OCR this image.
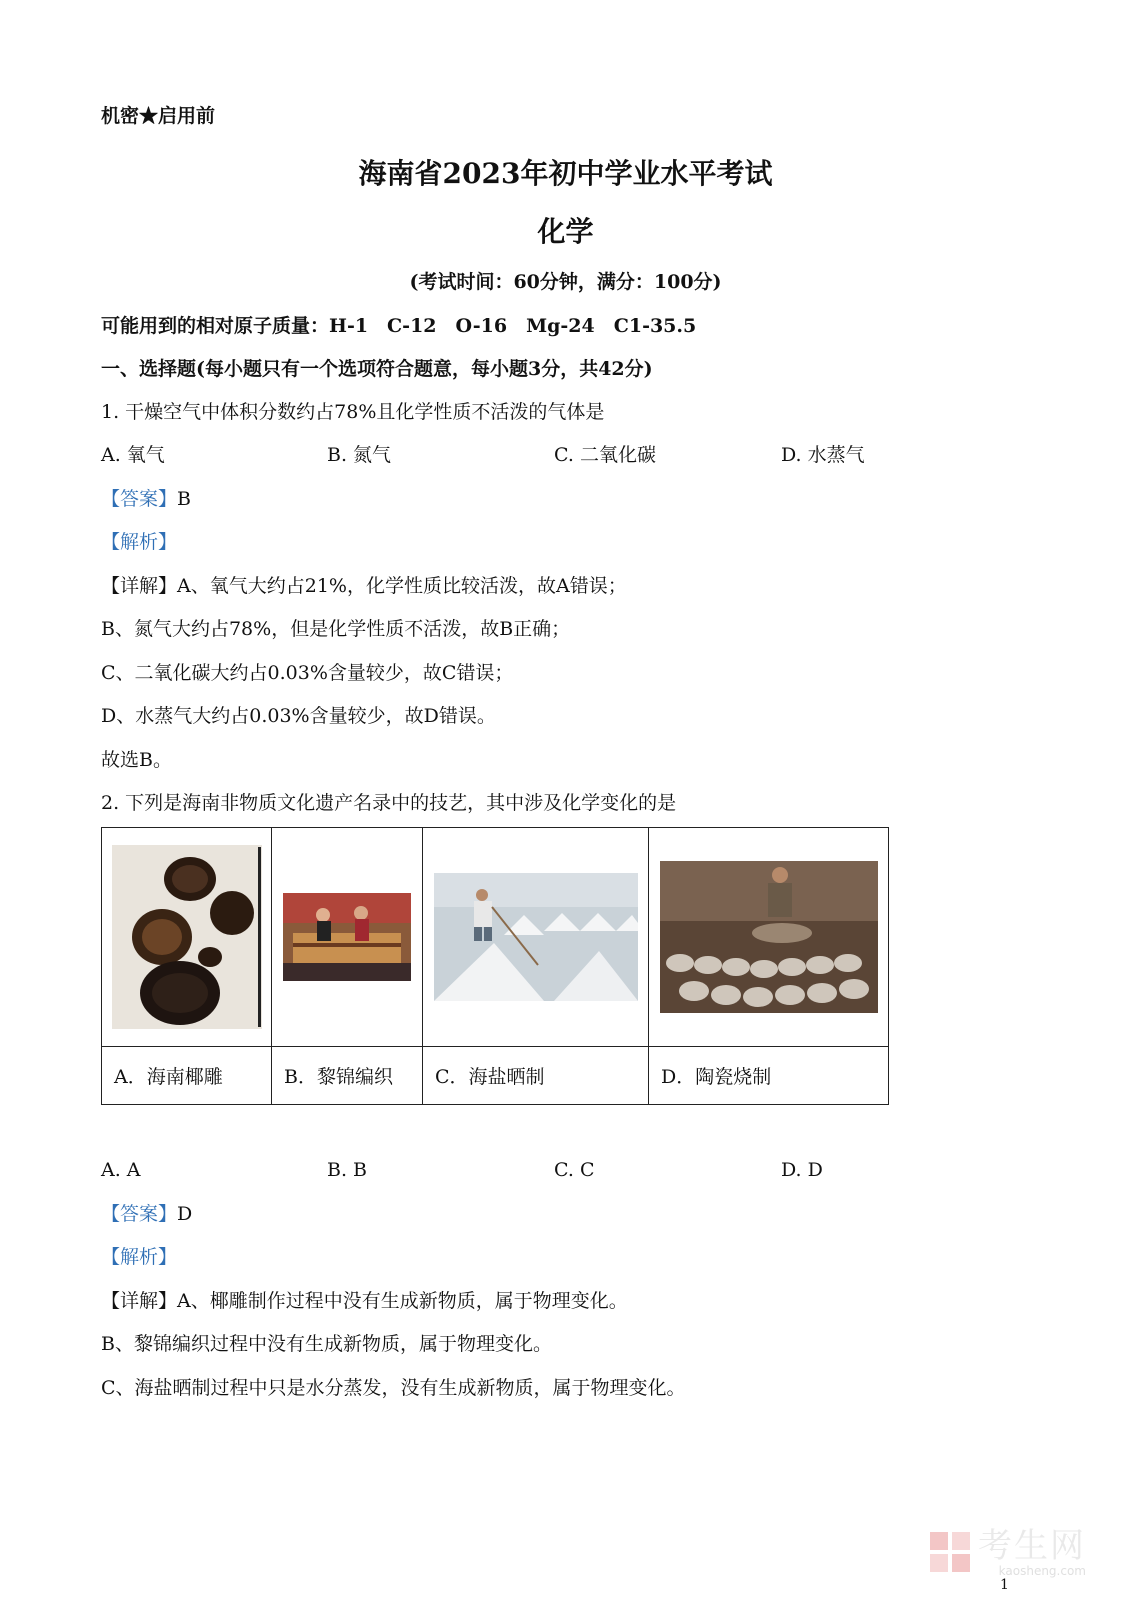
机密★启用前
海南省2023年初中学业水平考试
化学
(考试时间：60分钟，满分：100分)
可能用到的相对原子质量：H-1　C-12　O-16　Mg-24　C1-35.5
一、选择题(每小题只有一个选项符合题意，每小题3分，共42分)
1. 干燥空气中体积分数约占78%且化学性质不活泼的气体是
A. 氧气	B. 氮气	C. 二氧化碳	D. 水蒸气
【答案】B
【解析】
【详解】A、氧气大约占21%，化学性质比较活泼，故A错误；
B、氮气大约占78%，但是化学性质不活泼，故B正确；
C、二氧化碳大约占0.03%含量较少，故C错误；
D、水蒸气大约占0.03%含量较少，故D错误。
故选B。
2. 下列是海南非物质文化遗产名录中的技艺，其中涉及化学变化的是

A．海南椰雕	B．黎锦编织	C．海盐晒制	D．陶瓷烧制
A. A	B. B	C. C	D. D
【答案】D
【解析】
【详解】A、椰雕制作过程中没有生成新物质，属于物理变化。
B、黎锦编织过程中没有生成新物质，属于物理变化。
C、海盐晒制过程中只是水分蒸发，没有生成新物质，属于物理变化。
考生网
kaosheng.com
1
